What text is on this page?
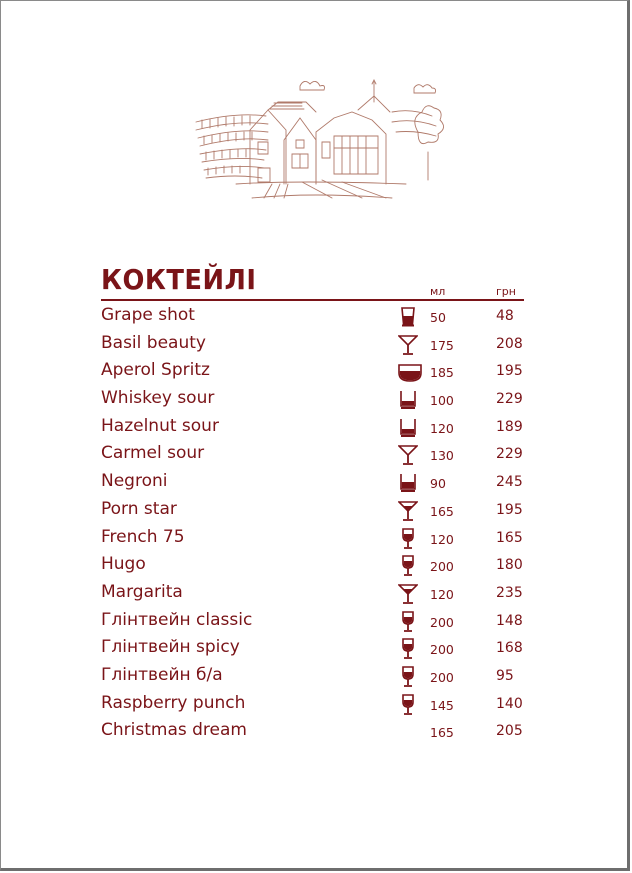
КОКТЕЙЛІ	мл	грн
Grape shot	50	48
Basil beauty	175	208
Aperol Spritz	185	195
Whiskey sour	100	229
Hazelnut sour	120	189
Carmel sour	130	229
Negroni	90	245
Porn star	165	195
French 75	120	165
Hugo	200	180
Margarita	120	235
Глінтвейн classic	200	148
Глінтвейн spicy	200	168
Глінтвейн б/а	200	95
Raspberry punch	145	140
Christmas dream	165	205
